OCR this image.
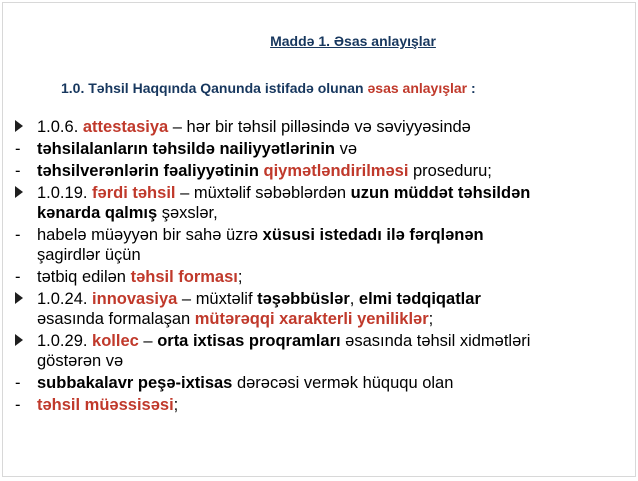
Maddə 1. Əsas anlayışlar
1.0. Təhsil Haqqında Qanunda istifadə olunan əsas anlayışlar :
1.0.6. attestasiya – hər bir təhsil pilləsində və səviyyəsində
-	təhsilalanların təhsildə nailiyyətlərinin və
-	təhsilverənlərin fəaliyyətinin qiymətləndirilməsi proseduru;
1.0.19. fərdi təhsil – müxtəlif səbəblərdən uzun müddət təhsildən
kənarda qalmış şəxslər,
-	habelə müəyyən bir sahə üzrə xüsusi istedadı ilə fərqlənən
şagirdlər üçün
-	tətbiq edilən təhsil forması;
1.0.24. innovasiya – müxtəlif təşəbbüslər, elmi tədqiqatlar
əsasında formalaşan mütərəqqi xarakterli yeniliklər;
1.0.29. kollec – orta ixtisas proqramları əsasında təhsil xidmətləri
göstərən və
-	subbakalavr peşə-ixtisas dərəcəsi vermək hüququ olan
-	təhsil müəssisəsi;
